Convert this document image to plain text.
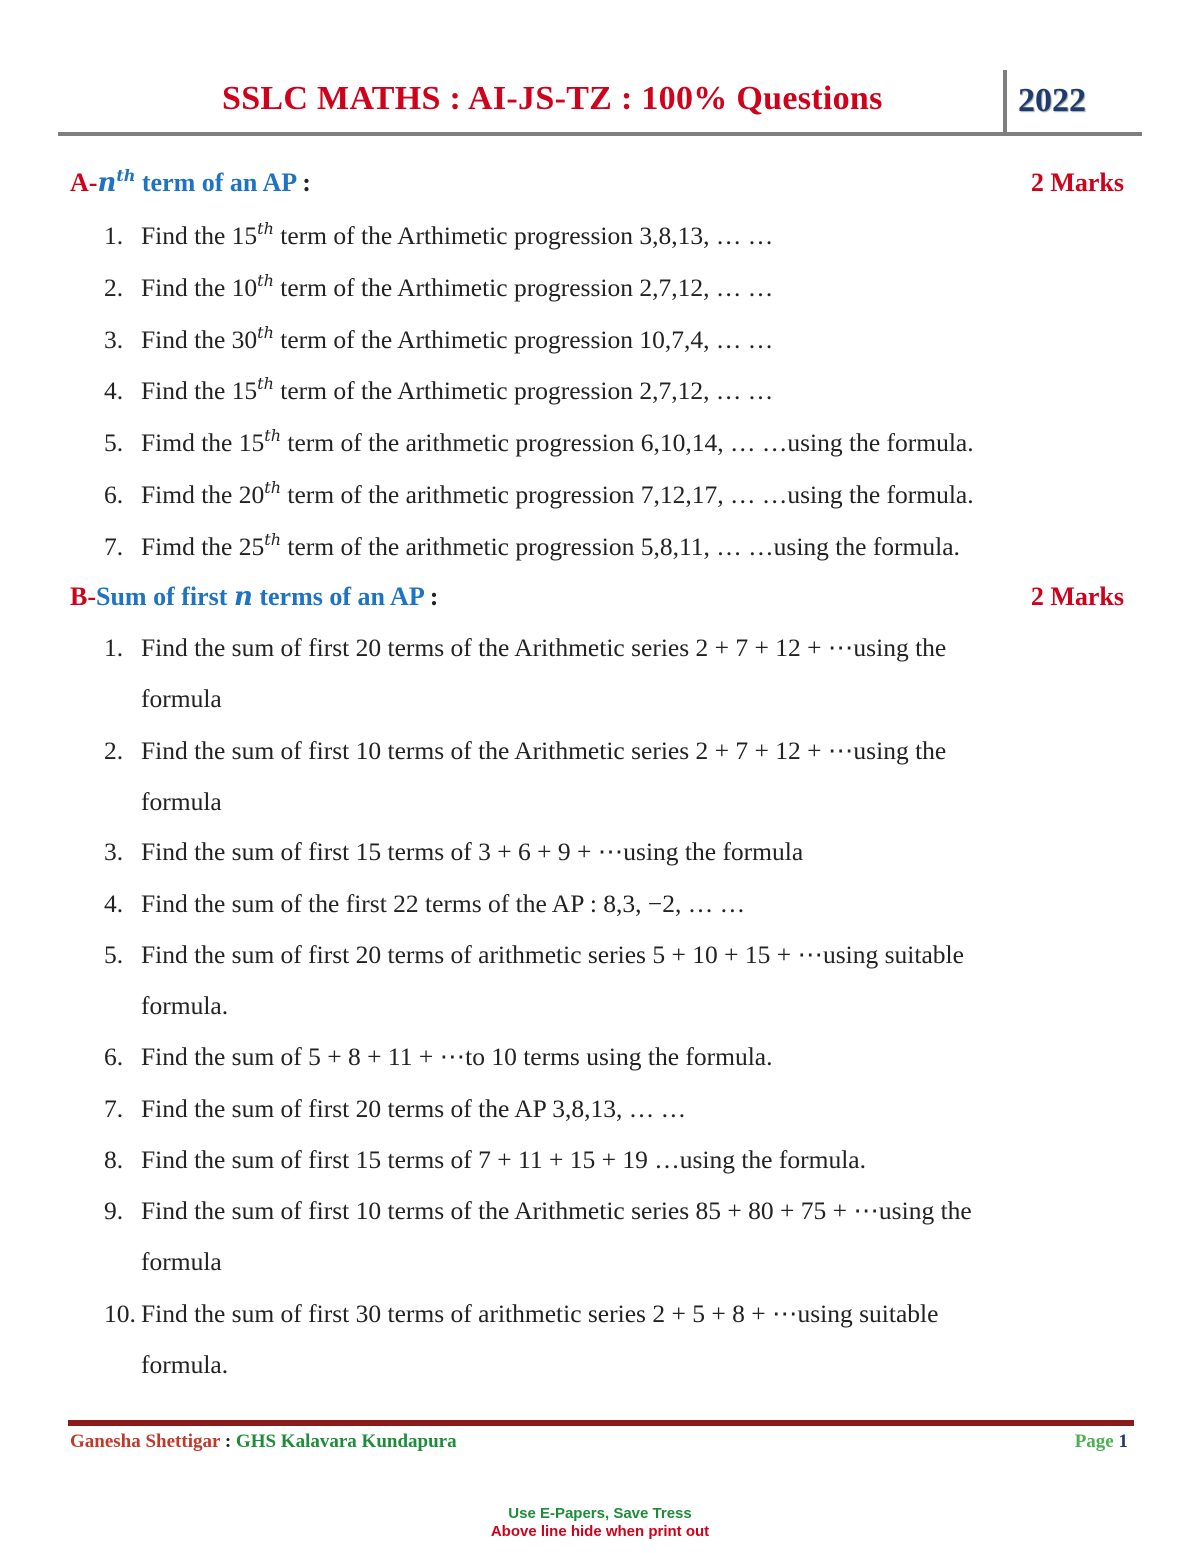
SSLC MATHS : AI-JS-TZ : 100% Questions	2022
$A-n^{th}$ term of an AP :	2 Marks
1. Find the 15th term of the Arthimetic progression 3,8,13, … …
2. Find the 10th term of the Arthimetic progression 2,7,12, … …
3. Find the 30th term of the Arthimetic progression 10,7,4, … …
4. Find the 15th term of the Arthimetic progression 2,7,12, … …
5. Fimd the 15th term of the arithmetic progression 6,10,14, … …using the formula.
6. Fimd the 20th term of the arithmetic progression 7,12,17, … …using the formula.
7. Fimd the 25th term of the arithmetic progression 5,8,11, … …using the formula.
B-Sum of first n terms of an AP :	2 Marks
1. Find the sum of first 20 terms of the Arithmetic series 2 + 7 + 12 + ⋯using the
formula
2. Find the sum of first 10 terms of the Arithmetic series 2 + 7 + 12 + ⋯using the
formula
3. Find the sum of first 15 terms of 3 + 6 + 9 + ⋯using the formula
4. Find the sum of the first 22 terms of the AP : 8,3, −2, … …
5. Find the sum of first 20 terms of arithmetic series 5 + 10 + 15 + ⋯using suitable
formula.
6. Find the sum of 5 + 8 + 11 + ⋯to 10 terms using the formula.
7. Find the sum of first 20 terms of the AP 3,8,13, … …
8. Find the sum of first 15 terms of 7 + 11 + 15 + 19 …using the formula.
9. Find the sum of first 10 terms of the Arithmetic series 85 + 80 + 75 + ⋯using the
formula
10. Find the sum of first 30 terms of arithmetic series 2 + 5 + 8 + ⋯using suitable
formula.
Ganesha Shettigar : GHS Kalavara Kundapura	Page 1
Use E-Papers, Save Tress
Above line hide when print out
